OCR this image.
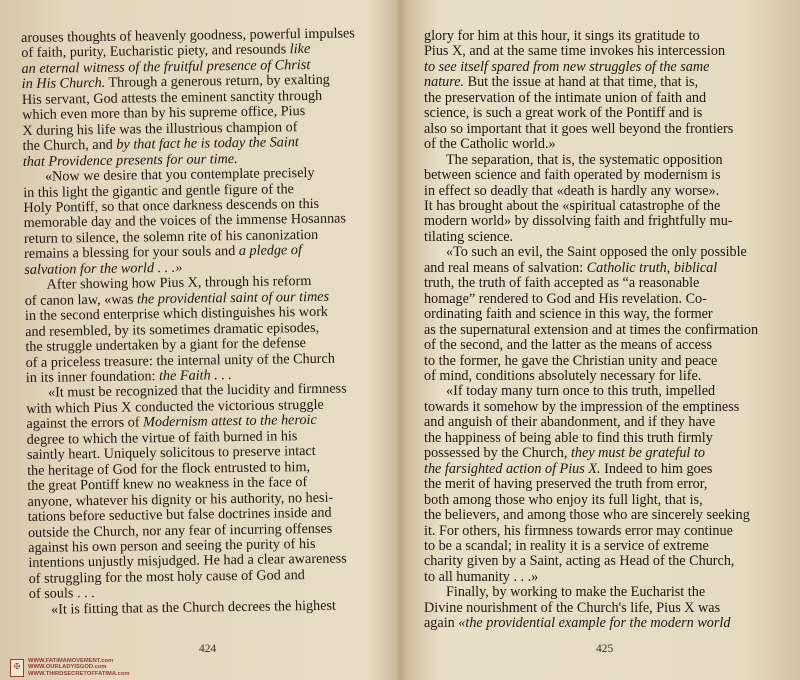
arouses thoughts of heavenly goodness, powerful impulses

of faith, purity, Eucharistic piety, and resounds like

an eternal witness of the fruitful presence of Christ

in His Church. Through a generous return, by exalting

His servant, God attests the eminent sanctity through

which even more than by his supreme office, Pius

X during his life was the illustrious champion of

the Church, and by that fact he is today the Saint

that Providence presents for our time.

«Now we desire that you contemplate precisely

in this light the gigantic and gentle figure of the

Holy Pontiff, so that once darkness descends on this

memorable day and the voices of the immense Hosannas

return to silence, the solemn rite of his canonization

remains a blessing for your souls and a pledge of

salvation for the world . . .»

After showing how Pius X, through his reform

of canon law, «was the providential saint of our times

in the second enterprise which distinguishes his work

and resembled, by its sometimes dramatic episodes,

the struggle undertaken by a giant for the defense

of a priceless treasure: the internal unity of the Church

in its inner foundation: the Faith . . .

«It must be recognized that the lucidity and firmness

with which Pius X conducted the victorious struggle

against the errors of Modernism attest to the heroic

degree to which the virtue of faith burned in his

saintly heart. Uniquely solicitous to preserve intact

the heritage of God for the flock entrusted to him,

the great Pontiff knew no weakness in the face of

anyone, whatever his dignity or his authority, no hesi-

tations before seductive but false doctrines inside and

outside the Church, nor any fear of incurring offenses

against his own person and seeing the purity of his

intentions unjustly misjudged. He had a clear awareness

of struggling for the most holy cause of God and

of souls . . .

«It is fitting that as the Church decrees the highest

424
✠
WWW.FATIMAMOVEMENT.com
WWW.OURLADYISGOD.com
WWW.THIRDSECRETOFFATIMA.com

glory for him at this hour, it sings its gratitude to

Pius X, and at the same time invokes his intercession

to see itself spared from new struggles of the same

nature. But the issue at hand at that time, that is,

the preservation of the intimate union of faith and

science, is such a great work of the Pontiff and is

also so important that it goes well beyond the frontiers

of the Catholic world.»

The separation, that is, the systematic opposition

between science and faith operated by modernism is

in effect so deadly that «death is hardly any worse».

It has brought about the «spiritual catastrophe of the

modern world» by dissolving faith and frightfully mu-

tilating science.

«To such an evil, the Saint opposed the only possible

and real means of salvation: Catholic truth, biblical

truth, the truth of faith accepted as “a reasonable

homage” rendered to God and His revelation. Co-

ordinating faith and science in this way, the former

as the supernatural extension and at times the confirmation

of the second, and the latter as the means of access

to the former, he gave the Christian unity and peace

of mind, conditions absolutely necessary for life.

«If today many turn once to this truth, impelled

towards it somehow by the impression of the emptiness

and anguish of their abandonment, and if they have

the happiness of being able to find this truth firmly

possessed by the Church, they must be grateful to

the farsighted action of Pius X. Indeed to him goes

the merit of having preserved the truth from error,

both among those who enjoy its full light, that is,

the believers, and among those who are sincerely seeking

it. For others, his firmness towards error may continue

to be a scandal; in reality it is a service of extreme

charity given by a Saint, acting as Head of the Church,

to all humanity . . .»

Finally, by working to make the Eucharist the

Divine nourishment of the Church's life, Pius X was

again «the providential example for the modern world

425
